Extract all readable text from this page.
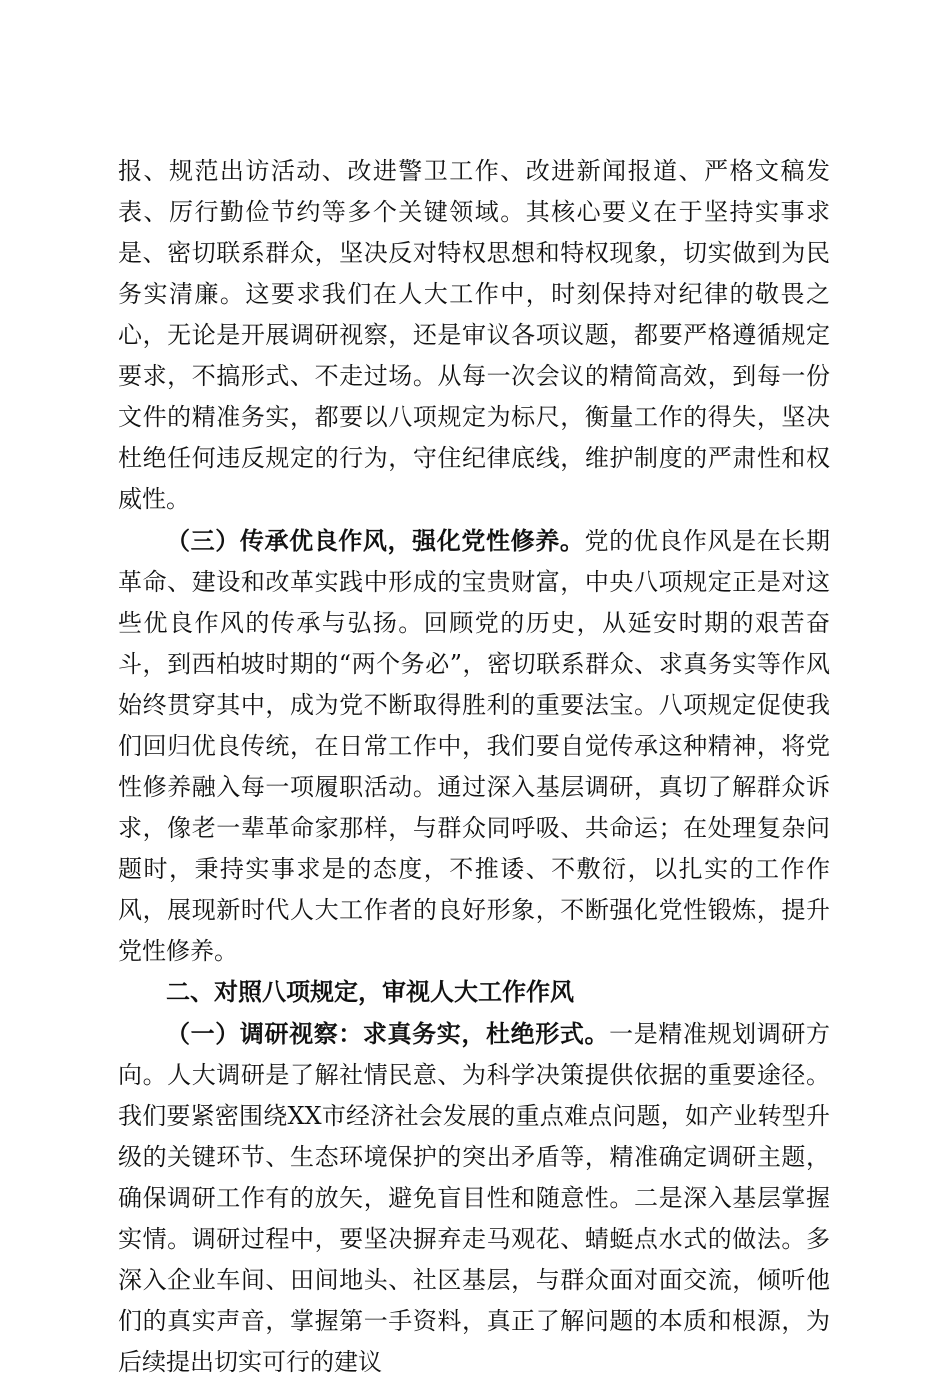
报、规范出访活动、改进警卫工作、改进新闻报道、严格文稿发表、厉行勤俭节约等多个关键领域。其核心要义在于坚持实事求是、密切联系群众，坚决反对特权思想和特权现象，切实做到为民务实清廉。这要求我们在人大工作中，时刻保持对纪律的敬畏之心，无论是开展调研视察，还是审议各项议题，都要严格遵循规定要求，不搞形式、不走过场。从每一次会议的精简高效，到每一份文件的精准务实，都要以八项规定为标尺，衡量工作的得失，坚决杜绝任何违反规定的行为，守住纪律底线，维护制度的严肃性和权威性。

（三）传承优良作风，强化党性修养。党的优良作风是在长期革命、建设和改革实践中形成的宝贵财富，中央八项规定正是对这些优良作风的传承与弘扬。回顾党的历史，从延安时期的艰苦奋斗，到西柏坡时期的“两个务必”，密切联系群众、求真务实等作风始终贯穿其中，成为党不断取得胜利的重要法宝。八项规定促使我们回归优良传统，在日常工作中，我们要自觉传承这种精神，将党性修养融入每一项履职活动。通过深入基层调研，真切了解群众诉求，像老一辈革命家那样，与群众同呼吸、共命运；在处理复杂问题时，秉持实事求是的态度，不推诿、不敷衍，以扎实的工作作风，展现新时代人大工作者的良好形象，不断强化党性锻炼，提升党性修养。

二、对照八项规定，审视人大工作作风

（一）调研视察：求真务实，杜绝形式。一是精准规划调研方向。人大调研是了解社情民意、为科学决策提供依据的重要途径。我们要紧密围绕XX市经济社会发展的重点难点问题，如产业转型升级的关键环节、生态环境保护的突出矛盾等，精准确定调研主题，确保调研工作有的放矢，避免盲目性和随意性。二是深入基层掌握实情。调研过程中，要坚决摒弃走马观花、蜻蜓点水式的做法。多深入企业车间、田间地头、社区基层，与群众面对面交流，倾听他们的真实声音，掌握第一手资料，真正了解问题的本质和根源，为后续提出切实可行的建议
